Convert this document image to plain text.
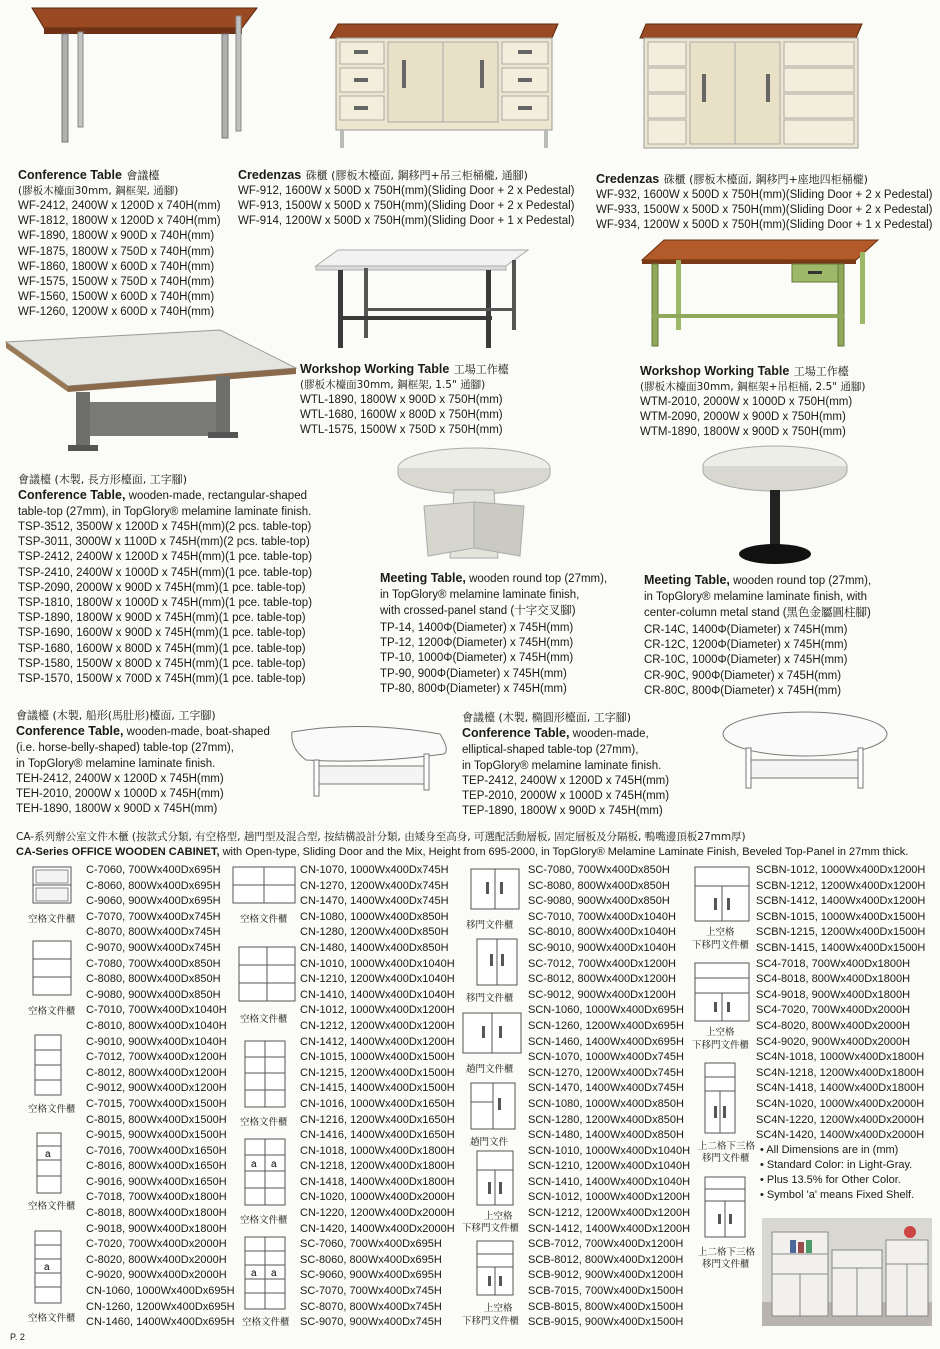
Conference Table 會議檯
(膠板木檯面30mm, 鋼框架, 通腳)
WF-2412, 2400W x 1200D x 740H(mm)
WF-1812, 1800W x 1200D x 740H(mm)
WF-1890, 1800W x 900D x 740H(mm)
WF-1875, 1800W x 750D x 740H(mm)
WF-1860, 1800W x 600D x 740H(mm)
WF-1575, 1500W x 750D x 740H(mm)
WF-1560, 1500W x 600D x 740H(mm)
WF-1260, 1200W x 600D x 740H(mm)
Credenzas 硃櫃 (膠板木檯面, 鋼移門+吊三柜桶櫳, 通腳)
WF-912, 1600W x 500D x 750H(mm)(Sliding Door + 2 x Pedestal)
WF-913, 1500W x 500D x 750H(mm)(Sliding Door + 2 x Pedestal)
WF-914, 1200W x 500D x 750H(mm)(Sliding Door + 1 x Pedestal)
Credenzas 硃櫃 (膠板木檯面, 鋼移門+座地四柜桶櫳)
WF-932, 1600W x 500D x 750H(mm)(Sliding Door + 2 x Pedestal)
WF-933, 1500W x 500D x 750H(mm)(Sliding Door + 2 x Pedestal)
WF-934, 1200W x 500D x 750H(mm)(Sliding Door + 1 x Pedestal)
Workshop Working Table 工場工作檯
(膠板木檯面30mm, 鋼框架, 1.5" 通腳)
WTL-1890, 1800W x 900D x 750H(mm)
WTL-1680, 1600W x 800D x 750H(mm)
WTL-1575, 1500W x 750D x 750H(mm)
Workshop Working Table 工場工作檯
(膠板木檯面30mm, 鋼框架+吊柜桶, 2.5" 通腳)
WTM-2010, 2000W x 1000D x 750H(mm)
WTM-2090, 2000W x 900D x 750H(mm)
WTM-1890, 1800W x 900D x 750H(mm)
會議檯 (木製, 長方形檯面, 工字腳)
Conference Table, wooden-made, rectangular-shaped
table-top (27mm), in TopGlory® melamine laminate finish.
TSP-3512, 3500W x 1200D x 745H(mm)(2 pcs. table-top)
TSP-3011, 3000W x 1100D x 745H(mm)(2 pcs. table-top)
TSP-2412, 2400W x 1200D x 745H(mm)(1 pce. table-top)
TSP-2410, 2400W x 1000D x 745H(mm)(1 pce. table-top)
TSP-2090, 2000W x 900D x 745H(mm)(1 pce. table-top)
TSP-1810, 1800W x 1000D x 745H(mm)(1 pce. table-top)
TSP-1890, 1800W x 900D x 745H(mm)(1 pce. table-top)
TSP-1690, 1600W x 900D x 745H(mm)(1 pce. table-top)
TSP-1680, 1600W x 800D x 745H(mm)(1 pce. table-top)
TSP-1580, 1500W x 800D x 745H(mm)(1 pce. table-top)
TSP-1570, 1500W x 700D x 745H(mm)(1 pce. table-top)
Meeting Table, wooden round top (27mm),
in TopGlory® melamine laminate finish,
with crossed-panel stand (十字交叉腳)
TP-14, 1400Φ(Diameter) x 745H(mm)
TP-12, 1200Φ(Diameter) x 745H(mm)
TP-10, 1000Φ(Diameter) x 745H(mm)
TP-90, 900Φ(Diameter) x 745H(mm)
TP-80, 800Φ(Diameter) x 745H(mm)
Meeting Table, wooden round top (27mm),
in TopGlory® melamine laminate finish, with
center-column metal stand (黑色金屬圓柱腳)
CR-14C, 1400Φ(Diameter) x 745H(mm)
CR-12C, 1200Φ(Diameter) x 745H(mm)
CR-10C, 1000Φ(Diameter) x 745H(mm)
CR-90C, 900Φ(Diameter) x 745H(mm)
CR-80C, 800Φ(Diameter) x 745H(mm)
會議檯 (木製, 船形(馬肚形)檯面, 工字腳)
Conference Table, wooden-made, boat-shaped
(i.e. horse-belly-shaped) table-top (27mm),
in TopGlory® melamine laminate finish.
TEH-2412, 2400W x 1200D x 745H(mm)
TEH-2010, 2000W x 1000D x 745H(mm)
TEH-1890, 1800W x 900D x 745H(mm)
會議檯 (木製, 橢圓形檯面, 工字腳)
Conference Table, wooden-made,
elliptical-shaped table-top (27mm),
in TopGlory® melamine laminate finish.
TEP-2412, 2400W x 1200D x 745H(mm)
TEP-2010, 2000W x 1000D x 745H(mm)
TEP-1890, 1800W x 900D x 745H(mm)
CA-系列辦公室文件木櫃 (按款式分類, 有空格型, 趟門型及混合型, 按結構設計分類, 由矮身至高身, 可選配活動層板, 固定層板及分隔板, 鴨嘴邊頂板27mm厚)
CA-Series OFFICE WOODEN CABINET, with Open-type, Sliding Door and the Mix, Height from 695-2000, in TopGlory® Melamine Laminate Finish, Beveled Top-Panel in 27mm thick.
C-7060, 700Wx400Dx695H
C-8060, 800Wx400Dx695H
C-9060, 900Wx400Dx695H
C-7070, 700Wx400Dx745H
C-8070, 800Wx400Dx745H
C-9070, 900Wx400Dx745H
C-7080, 700Wx400Dx850H
C-8080, 800Wx400Dx850H
C-9080, 900Wx400Dx850H
C-7010, 700Wx400Dx1040H
C-8010, 800Wx400Dx1040H
C-9010, 900Wx400Dx1040H
C-7012, 700Wx400Dx1200H
C-8012, 800Wx400Dx1200H
C-9012, 900Wx400Dx1200H
C-7015, 700Wx400Dx1500H
C-8015, 800Wx400Dx1500H
C-9015, 900Wx400Dx1500H
C-7016, 700Wx400Dx1650H
C-8016, 800Wx400Dx1650H
C-9016, 900Wx400Dx1650H
C-7018, 700Wx400Dx1800H
C-8018, 800Wx400Dx1800H
C-9018, 900Wx400Dx1800H
C-7020, 700Wx400Dx2000H
C-8020, 800Wx400Dx2000H
C-9020, 900Wx400Dx2000H
CN-1060, 1000Wx400Dx695H
CN-1260, 1200Wx400Dx695H
CN-1460, 1400Wx400Dx695H
CN-1070, 1000Wx400Dx745H
CN-1270, 1200Wx400Dx745H
CN-1470, 1400Wx400Dx745H
CN-1080, 1000Wx400Dx850H
CN-1280, 1200Wx400Dx850H
CN-1480, 1400Wx400Dx850H
CN-1010, 1000Wx400Dx1040H
CN-1210, 1200Wx400Dx1040H
CN-1410, 1400Wx400Dx1040H
CN-1012, 1000Wx400Dx1200H
CN-1212, 1200Wx400Dx1200H
CN-1412, 1400Wx400Dx1200H
CN-1015, 1000Wx400Dx1500H
CN-1215, 1200Wx400Dx1500H
CN-1415, 1400Wx400Dx1500H
CN-1016, 1000Wx400Dx1650H
CN-1216, 1200Wx400Dx1650H
CN-1416, 1400Wx400Dx1650H
CN-1018, 1000Wx400Dx1800H
CN-1218, 1200Wx400Dx1800H
CN-1418, 1400Wx400Dx1800H
CN-1020, 1000Wx400Dx2000H
CN-1220, 1200Wx400Dx2000H
CN-1420, 1400Wx400Dx2000H
SC-7060, 700Wx400Dx695H
SC-8060, 800Wx400Dx695H
SC-9060, 900Wx400Dx695H
SC-7070, 700Wx400Dx745H
SC-8070, 800Wx400Dx745H
SC-9070, 900Wx400Dx745H
SC-7080, 700Wx400Dx850H
SC-8080, 800Wx400Dx850H
SC-9080, 900Wx400Dx850H
SC-7010, 700Wx400Dx1040H
SC-8010, 800Wx400Dx1040H
SC-9010, 900Wx400Dx1040H
SC-7012, 700Wx400Dx1200H
SC-8012, 800Wx400Dx1200H
SC-9012, 900Wx400Dx1200H
SCN-1060, 1000Wx400Dx695H
SCN-1260, 1200Wx400Dx695H
SCN-1460, 1400Wx400Dx695H
SCN-1070, 1000Wx400Dx745H
SCN-1270, 1200Wx400Dx745H
SCN-1470, 1400Wx400Dx745H
SCN-1080, 1000Wx400Dx850H
SCN-1280, 1200Wx400Dx850H
SCN-1480, 1400Wx400Dx850H
SCN-1010, 1000Wx400Dx1040H
SCN-1210, 1200Wx400Dx1040H
SCN-1410, 1400Wx400Dx1040H
SCN-1012, 1000Wx400Dx1200H
SCN-1212, 1200Wx400Dx1200H
SCN-1412, 1400Wx400Dx1200H
SCB-7012, 700Wx400Dx1200H
SCB-8012, 800Wx400Dx1200H
SCB-9012, 900Wx400Dx1200H
SCB-7015, 700Wx400Dx1500H
SCB-8015, 800Wx400Dx1500H
SCB-9015, 900Wx400Dx1500H
SCBN-1012, 1000Wx400Dx1200H
SCBN-1212, 1200Wx400Dx1200H
SCBN-1412, 1400Wx400Dx1200H
SCBN-1015, 1000Wx400Dx1500H
SCBN-1215, 1200Wx400Dx1500H
SCBN-1415, 1400Wx400Dx1500H
SC4-7018, 700Wx400Dx1800H
SC4-8018, 800Wx400Dx1800H
SC4-9018, 900Wx400Dx1800H
SC4-7020, 700Wx400Dx2000H
SC4-8020, 800Wx400Dx2000H
SC4-9020, 900Wx400Dx2000H
SC4N-1018, 1000Wx400Dx1800H
SC4N-1218, 1200Wx400Dx1800H
SC4N-1418, 1400Wx400Dx1800H
SC4N-1020, 1000Wx400Dx2000H
SC4N-1220, 1200Wx400Dx2000H
SC4N-1420, 1400Wx400Dx2000H
• All Dimensions are in (mm)
• Standard Color: in Light-Gray.
• Plus 13.5% for Other Color.
• Symbol 'a' means Fixed Shelf.
空格文件櫃
空格文件櫃
空格文件櫃
a
空格文件櫃
a
空格文件櫃
空格文件櫃
空格文件櫃
空格文件櫃
a a
空格文件櫃
a a
空格文件櫃
移門文件櫃
移門文件櫃
趟門文件櫃
趟門文件
上空格
下移門文件櫃
上空格
下移門文件櫃
上空格
下移門文件櫃
上空格
下移門文件櫃
上二格下三格
移門文件櫃
上二格下三格
移門文件櫃
P. 2
